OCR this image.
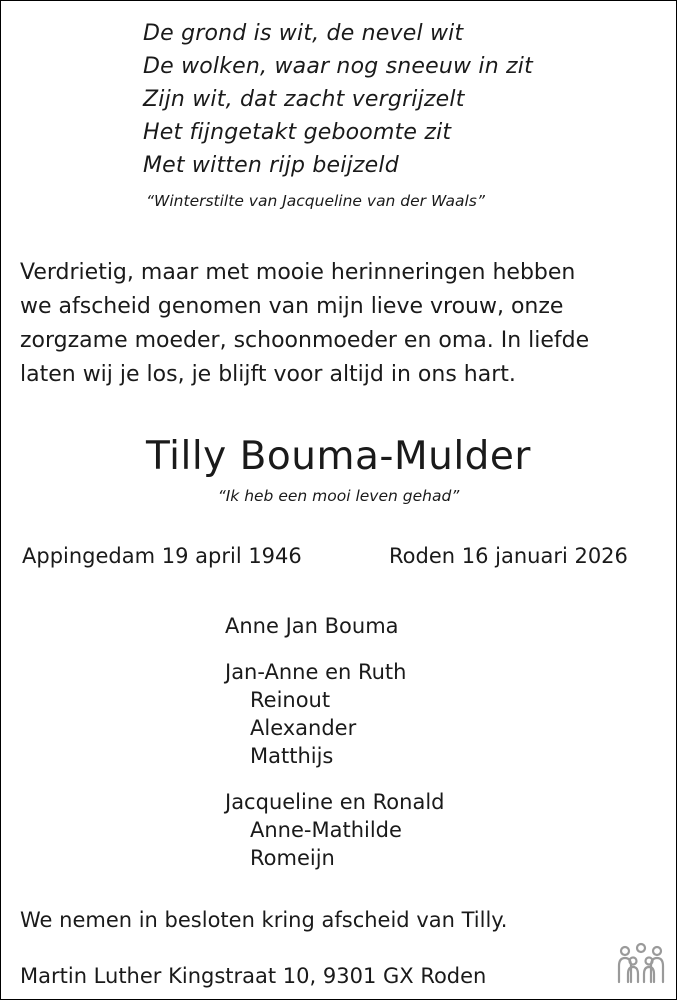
De grond is wit, de nevel wit
De wolken, waar nog sneeuw in zit
Zijn wit, dat zacht vergrijzelt
Het fijngetakt geboomte zit
Met witten rijp beijzeld
“Winterstilte van Jacqueline van der Waals”
Verdrietig, maar met mooie herinneringen hebben
we afscheid genomen van mijn lieve vrouw, onze
zorgzame moeder, schoonmoeder en oma. In liefde
laten wij je los, je blijft voor altijd in ons hart.
Tilly Bouma-Mulder
“Ik heb een mooi leven gehad”
Appingedam 19 april 1946	Roden 16 januari 2026
Anne Jan Bouma
Jan-Anne en Ruth
Reinout
Alexander
Matthijs
Jacqueline en Ronald
Anne-Mathilde
Romeijn
We nemen in besloten kring afscheid van Tilly.
Martin Luther Kingstraat 10, 9301 GX Roden
